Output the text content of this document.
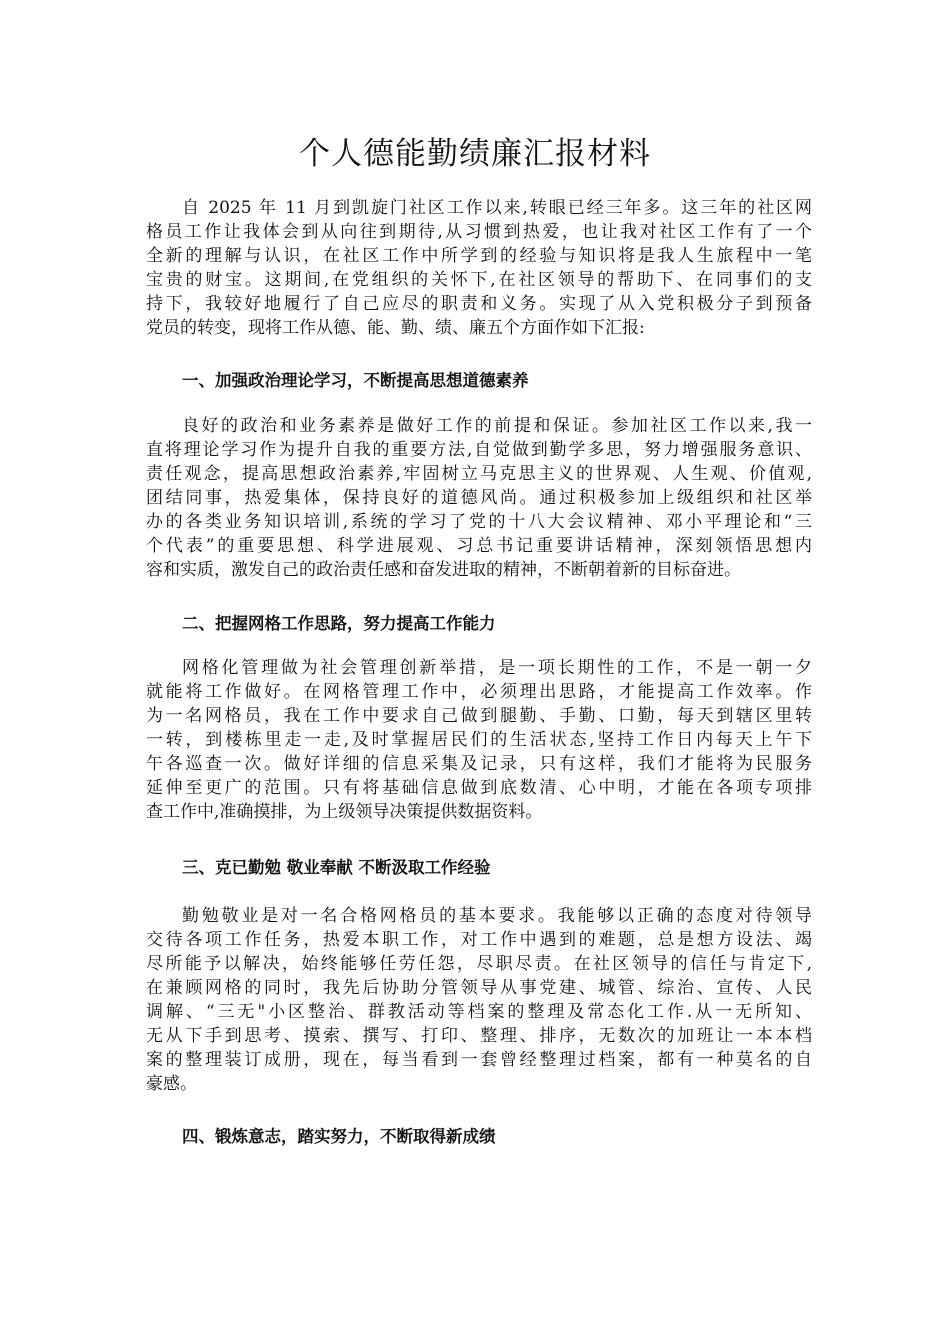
个人德能勤绩廉汇报材料
自 2025 年 11 月到凯旋门社区工作以来,转眼已经三年多。这三年的社区网
格员工作让我体会到从向往到期待,从习惯到热爱，也让我对社区工作有了一个
全新的理解与认识，在社区工作中所学到的经验与知识将是我人生旅程中一笔
宝贵的财宝。这期间,在党组织的关怀下,在社区领导的帮助下、在同事们的支
持下，我较好地履行了自己应尽的职责和义务。实现了从入党积极分子到预备
党员的转变，现将工作从德、能、勤、绩、廉五个方面作如下汇报:
一、加强政治理论学习，不断提高思想道德素养
良好的政治和业务素养是做好工作的前提和保证。参加社区工作以来,我一
直将理论学习作为提升自我的重要方法,自觉做到勤学多思，努力增强服务意识、
责任观念，提高思想政治素养,牢固树立马克思主义的世界观、人生观、价值观,
团结同事，热爱集体，保持良好的道德风尚。通过积极参加上级组织和社区举
办的各类业务知识培训,系统的学习了党的十八大会议精神、邓小平理论和“三
个代表”的重要思想、科学进展观、习总书记重要讲话精神，深刻领悟思想内
容和实质，激发自己的政治责任感和奋发进取的精神，不断朝着新的目标奋进。
二、把握网格工作思路，努力提高工作能力
网格化管理做为社会管理创新举措，是一项长期性的工作，不是一朝一夕
就能将工作做好。在网格管理工作中，必须理出思路，才能提高工作效率。作
为一名网格员，我在工作中要求自己做到腿勤、手勤、口勤，每天到辖区里转
一转，到楼栋里走一走,及时掌握居民们的生活状态,坚持工作日内每天上午下
午各巡查一次。做好详细的信息采集及记录，只有这样，我们才能将为民服务
延伸至更广的范围。只有将基础信息做到底数清、心中明，才能在各项专项排
查工作中,准确摸排，为上级领导决策提供数据资料。
三、克已勤勉 敬业奉献 不断汲取工作经验
勤勉敬业是对一名合格网格员的基本要求。我能够以正确的态度对待领导
交待各项工作任务，热爱本职工作，对工作中遇到的难题，总是想方设法、竭
尽所能予以解决，始终能够任劳任怨，尽职尽责。在社区领导的信任与肯定下,
在兼顾网格的同时，我先后协助分管领导从事党建、城管、综治、宣传、人民
调解、“三无"小区整治、群教活动等档案的整理及常态化工作.从一无所知、
无从下手到思考、摸索、撰写、打印、整理、排序，无数次的加班让一本本档
案的整理装订成册，现在，每当看到一套曾经整理过档案，都有一种莫名的自
豪感。
四、锻炼意志，踏实努力，不断取得新成绩
